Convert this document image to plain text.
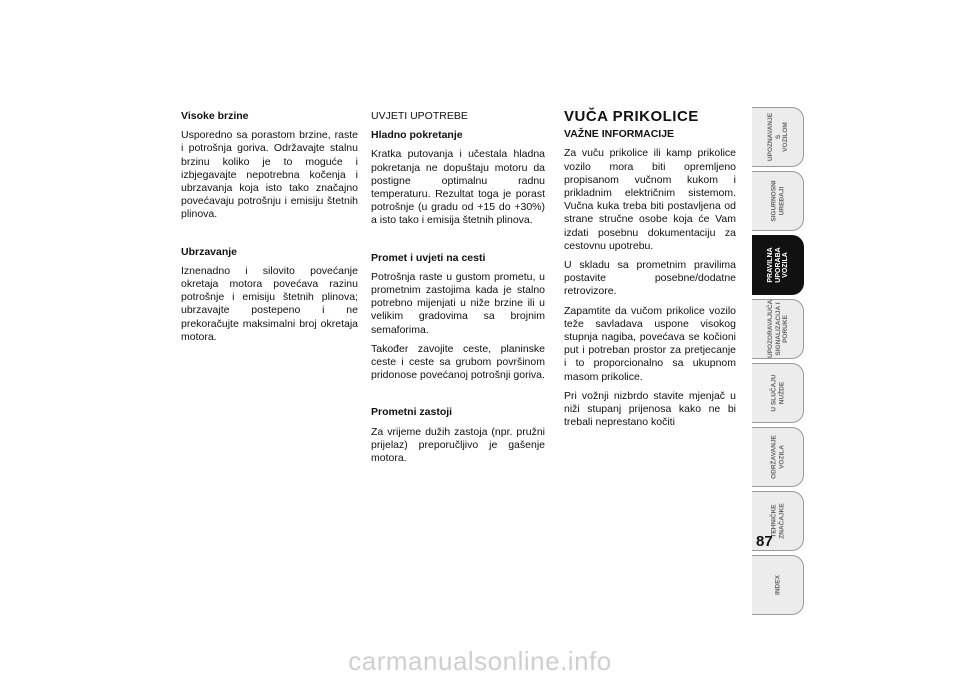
Visoke brzine

Usporedno sa porastom brzine, raste i potrošnja goriva. Održavajte stalnu brzinu koliko je to moguće i izbjegavajte nepotrebna kočenja i ubrzavanja koja isto tako značajno povećavaju potrošnju i emisiju štetnih plinova.

Ubrzavanje

Iznenadno i silovito povećanje okretaja motora povećava razinu potrošnje i emisiju štetnih plinova; ubrzavajte postepeno i ne prekoračujte maksimalni broj okretaja motora.

UVJETI UPOTREBE

Hladno pokretanje

Kratka putovanja i učestala hladna pokretanja ne dopuštaju motoru da postigne optimalnu radnu temperaturu. Rezultat toga je porast potrošnje (u gradu od +15 do +30%) a isto tako i emisija štetnih plinova.

Promet i uvjeti na cesti

Potrošnja raste u gustom prometu, u prometnim zastojima kada je stalno potrebno mijenjati u niže brzine ili u velikim gradovima sa brojnim semaforima.

Također zavojite ceste, planinske ceste i ceste sa grubom površinom pridonose povećanoj potrošnji goriva.

Prometni zastoji

Za vrijeme dužih zastoja (npr. pružni prijelaz) preporučljivo je gašenje motora.

VUČA PRIKOLICE
VAŽNE INFORMACIJE

Za vuču prikolice ili kamp prikolice vozilo mora biti opremljeno propisanom vučnom kukom i prikladnim električnim sistemom. Vučna kuka treba biti postavljena od strane stručne osobe koja će Vam izdati posebnu dokumentaciju za cestovnu upotrebu.

U skladu sa prometnim pravilima postavite posebne/dodatne retrovizore.

Zapamtite da vučom prikolice vozilo teže savladava uspone visokog stupnja nagiba, povećava se kočioni put i potreban prostor za pretjecanje i to proporcionalno sa ukupnom masom prikolice.

Pri vožnji nizbrdo stavite mjenjač u niži stupanj prijenosa kako ne bi trebali neprestano kočiti

UPOZNAVANJE
S
VOZILOM
SIGURNOSNI
UREĐAJI
PRAVILNA
UPORABA
VOZILA
UPOZORAVAJUĆA
SIGNALIZACIJA I
PORUKE
U SLUČAJU
NUŽDE
ODRŽAVANJE
VOZILA
TEHNIČKE
ZNAČAJKE
INDEX
87
carmanualsonline.info
